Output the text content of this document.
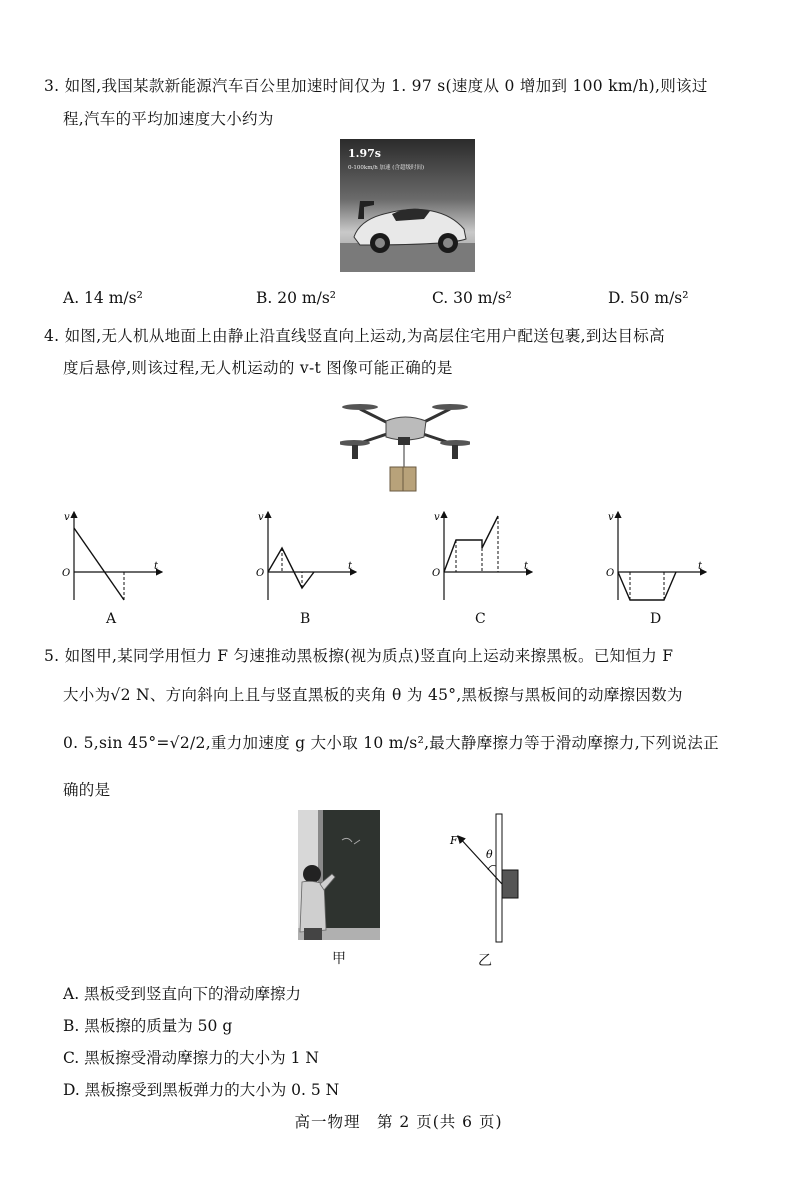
3. 如图,我国某款新能源汽车百公里加速时间仅为 1. 97 s(速度从 0 增加到 100 km/h),则该过
程,汽车的平均加速度大小约为
1.97s
0-100km/h 加速 (含超级时间)
A. 14 m/s²	B. 20 m/s²	C. 30 m/s²	D. 50 m/s²
4. 如图,无人机从地面上由静止沿直线竖直向上运动,为高层住宅用户配送包裹,到达目标高
度后悬停,则该过程,无人机运动的 v-t 图像可能正确的是
v
t
O
A
v
t
O
B
v
t
O
C
v
t
O
D
5. 如图甲,某同学用恒力 F 匀速推动黑板擦(视为质点)竖直向上运动来擦黑板。已知恒力 F
大小为√2 N、方向斜向上且与竖直黑板的夹角 θ 为 45°,黑板擦与黑板间的动摩擦因数为
0. 5,sin 45°=√2/2,重力加速度 g 大小取 10 m/s²,最大静摩擦力等于滑动摩擦力,下列说法正
确的是
甲
F
θ
乙
A. 黑板受到竖直向下的滑动摩擦力
B. 黑板擦的质量为 50 g
C. 黑板擦受滑动摩擦力的大小为 1 N
D. 黑板擦受到黑板弹力的大小为 0. 5 N
高一物理　第 2 页(共 6 页)
